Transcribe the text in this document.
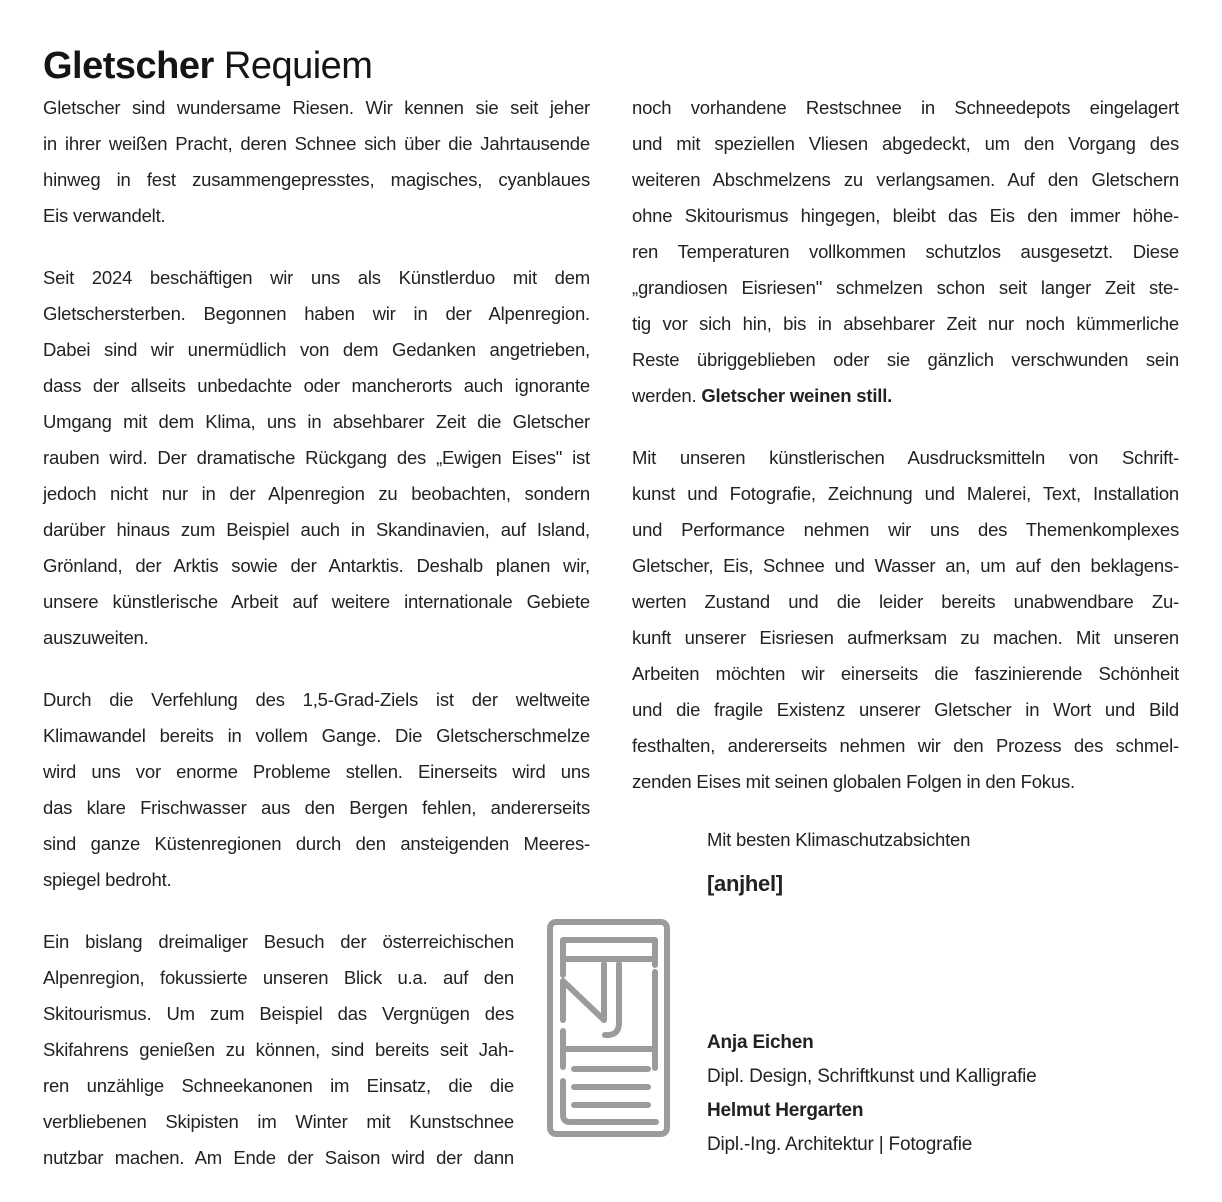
Gletscher Requiem
Gletscher sind wundersame Riesen. Wir kennen sie seit jeher
in ihrer weißen Pracht, deren Schnee sich über die Jahrtausende
hinweg in fest zusammengepresstes, magisches, cyanblaues
Eis verwandelt.
Seit 2024 beschäftigen wir uns als Künstlerduo mit dem
Gletschersterben. Begonnen haben wir in der Alpenregion.
Dabei sind wir unermüdlich von dem Gedanken angetrieben,
dass der allseits unbedachte oder mancherorts auch ignorante
Umgang mit dem Klima, uns in absehbarer Zeit die Gletscher
rauben wird. Der dramatische Rückgang des „Ewigen Eises" ist
jedoch nicht nur in der Alpenregion zu beobachten, sondern
darüber hinaus zum Beispiel auch in Skandinavien, auf Island,
Grönland, der Arktis sowie der Antarktis. Deshalb planen wir,
unsere künstlerische Arbeit auf weitere internationale Gebiete
auszuweiten.
Durch die Verfehlung des 1,5-Grad-Ziels ist der weltweite
Klimawandel bereits in vollem Gange. Die Gletscherschmelze
wird uns vor enorme Probleme stellen. Einerseits wird uns
das klare Frischwasser aus den Bergen fehlen, andererseits
sind ganze Küstenregionen durch den ansteigenden Meeres-
spiegel bedroht.
Ein bislang dreimaliger Besuch der österreichischen
Alpenregion, fokussierte unseren Blick u.a. auf den
Skitourismus. Um zum Beispiel das Vergnügen des
Skifahrens genießen zu können, sind bereits seit Jah-
ren unzählige Schneekanonen im Einsatz, die die
verbliebenen Skipisten im Winter mit Kunstschnee
nutzbar machen. Am Ende der Saison wird der dann
noch vorhandene Restschnee in Schneedepots eingelagert
und mit speziellen Vliesen abgedeckt, um den Vorgang des
weiteren Abschmelzens zu verlangsamen. Auf den Gletschern
ohne Skitourismus hingegen, bleibt das Eis den immer höhe-
ren Temperaturen vollkommen schutzlos ausgesetzt. Diese
„grandiosen Eisriesen" schmelzen schon seit langer Zeit ste-
tig vor sich hin, bis in absehbarer Zeit nur noch kümmerliche
Reste übriggeblieben oder sie gänzlich verschwunden sein
werden. Gletscher weinen still.
Mit unseren künstlerischen Ausdrucksmitteln von Schrift-
kunst und Fotografie, Zeichnung und Malerei, Text, Installation
und Performance nehmen wir uns des Themenkomplexes
Gletscher, Eis, Schnee und Wasser an, um auf den beklagens-
werten Zustand und die leider bereits unabwendbare Zu-
kunft unserer Eisriesen aufmerksam zu machen. Mit unseren
Arbeiten möchten wir einerseits die faszinierende Schönheit
und die fragile Existenz unserer Gletscher in Wort und Bild
festhalten, andererseits nehmen wir den Prozess des schmel-
zenden Eises mit seinen globalen Folgen in den Fokus.
Mit besten Klimaschutzabsichten
[anjhel]
Anja Eichen
Dipl. Design, Schriftkunst und Kalligrafie
Helmut Hergarten
Dipl.-Ing. Architektur | Fotografie
